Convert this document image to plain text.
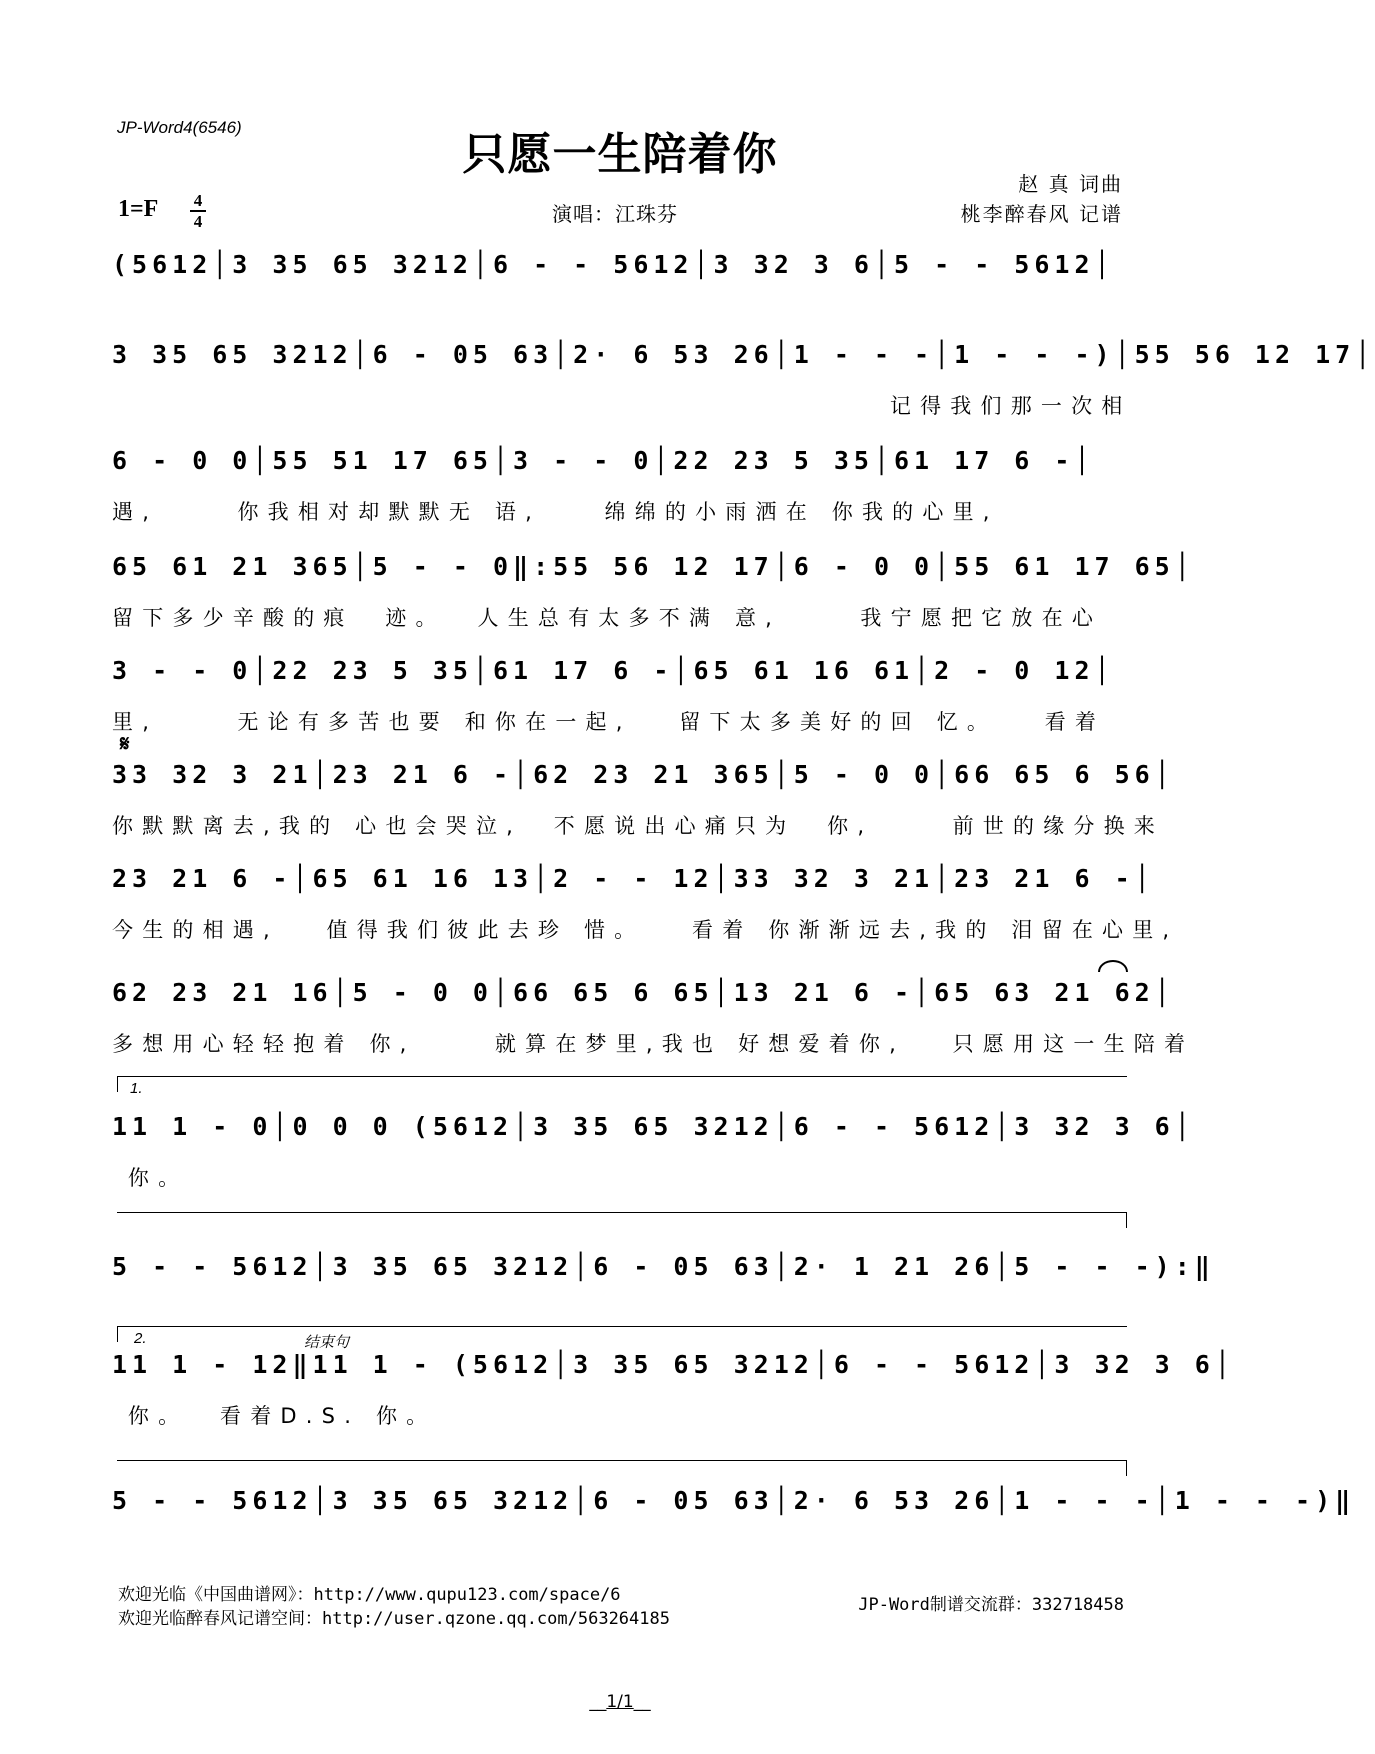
JP-Word4(6546)
只愿一生陪着你
赵 真 词曲
桃李醉春风 记谱
1=F 4
4	演唱：江珠芬
(5612│3 35 65 3212│6 - - 5612│3 32 3 6│5 - - 5612│
3 35 65 3212│6 - 05 63│2· 6 53 26│1 - - -│1 - - -)│55 56 12 17│
记得我们那一次相
6 - 0 0│55 51 17 65│3 - - 0│22 23 5 35│61 17 6 -│
遇,     你我相对却默默无 语,    绵绵的小雨洒在 你我的心里,
65 61 21 365│5 - - 0‖:55 56 12 17│6 - 0 0│55 61 17 65│
留下多少辛酸的痕  迹。  人生总有太多不满 意,     我宁愿把它放在心
3 - - 0│22 23 5 35│61 17 6 -│65 61 16 61│2 - 0 12│
里,     无论有多苦也要 和你在一起,   留下太多美好的回 忆。   看着
𝄋
33 32 3 21│23 21 6 -│62 23 21 365│5 - 0 0│66 65 6 56│
你默默离去,我的 心也会哭泣,  不愿说出心痛只为  你,     前世的缘分换来
23 21 6 -│65 61 16 13│2 - - 12│33 32 3 21│23 21 6 -│
今生的相遇,   值得我们彼此去珍 惜。   看着 你渐渐远去,我的 泪留在心里,
62 23 21 16│5 - 0 0│66 65 6 65│13 21 6 -│65 63 21 62│
多想用心轻轻抱着 你,     就算在梦里,我也 好想爱着你,   只愿用这一生陪着
1.
11 1 - 0│0 0 0 (5612│3 35 65 3212│6 - - 5612│3 32 3 6│
你。
5 - - 5612│3 35 65 3212│6 - 05 63│2· 1 21 26│5 - - -):‖
2.	结束句
11 1 - 12‖11 1 - (5612│3 35 65 3212│6 - - 5612│3 32 3 6│
你。  看着D.S. 你。
5 - - 5612│3 35 65 3212│6 - 05 63│2· 6 53 26│1 - - -│1 - - -)‖
欢迎光临《中国曲谱网》：http://www.qupu123.com/space/6
欢迎光临醉春风记谱空间：http://user.qzone.qq.com/563264185
JP-Word制谱交流群：332718458
__1/1__
